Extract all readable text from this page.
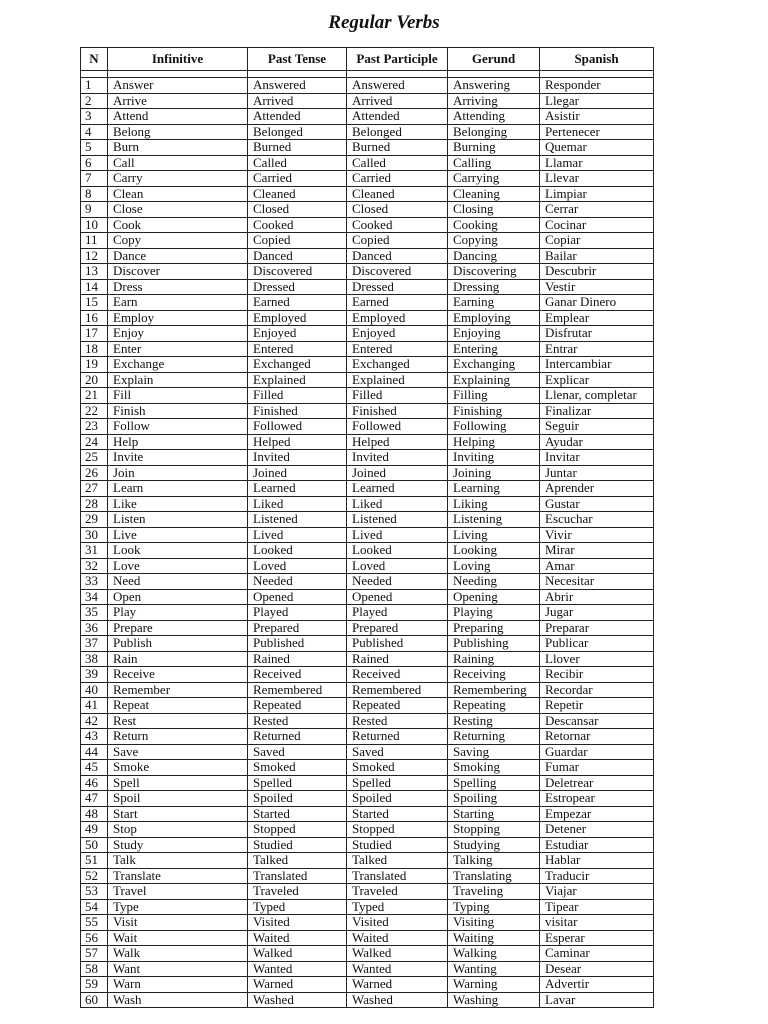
Regular Verbs
N	Infinitive	Past Tense	Past Participle	Gerund	Spanish

1	Answer	Answered	Answered	Answering	Responder
2	Arrive	Arrived	Arrived	Arriving	Llegar
3	Attend	Attended	Attended	Attending	Asistir
4	Belong	Belonged	Belonged	Belonging	Pertenecer
5	Burn	Burned	Burned	Burning	Quemar
6	Call	Called	Called	Calling	Llamar
7	Carry	Carried	Carried	Carrying	Llevar
8	Clean	Cleaned	Cleaned	Cleaning	Limpiar
9	Close	Closed	Closed	Closing	Cerrar
10	Cook	Cooked	Cooked	Cooking	Cocinar
11	Copy	Copied	Copied	Copying	Copiar
12	Dance	Danced	Danced	Dancing	Bailar
13	Discover	Discovered	Discovered	Discovering	Descubrir
14	Dress	Dressed	Dressed	Dressing	Vestir
15	Earn	Earned	Earned	Earning	Ganar Dinero
16	Employ	Employed	Employed	Employing	Emplear
17	Enjoy	Enjoyed	Enjoyed	Enjoying	Disfrutar
18	Enter	Entered	Entered	Entering	Entrar
19	Exchange	Exchanged	Exchanged	Exchanging	Intercambiar
20	Explain	Explained	Explained	Explaining	Explicar
21	Fill	Filled	Filled	Filling	Llenar, completar
22	Finish	Finished	Finished	Finishing	Finalizar
23	Follow	Followed	Followed	Following	Seguir
24	Help	Helped	Helped	Helping	Ayudar
25	Invite	Invited	Invited	Inviting	Invitar
26	Join	Joined	Joined	Joining	Juntar
27	Learn	Learned	Learned	Learning	Aprender
28	Like	Liked	Liked	Liking	Gustar
29	Listen	Listened	Listened	Listening	Escuchar
30	Live	Lived	Lived	Living	Vivir
31	Look	Looked	Looked	Looking	Mirar
32	Love	Loved	Loved	Loving	Amar
33	Need	Needed	Needed	Needing	Necesitar
34	Open	Opened	Opened	Opening	Abrir
35	Play	Played	Played	Playing	Jugar
36	Prepare	Prepared	Prepared	Preparing	Preparar
37	Publish	Published	Published	Publishing	Publicar
38	Rain	Rained	Rained	Raining	Llover
39	Receive	Received	Received	Receiving	Recibir
40	Remember	Remembered	Remembered	Remembering	Recordar
41	Repeat	Repeated	Repeated	Repeating	Repetir
42	Rest	Rested	Rested	Resting	Descansar
43	Return	Returned	Returned	Returning	Retornar
44	Save	Saved	Saved	Saving	Guardar
45	Smoke	Smoked	Smoked	Smoking	Fumar
46	Spell	Spelled	Spelled	Spelling	Deletrear
47	Spoil	Spoiled	Spoiled	Spoiling	Estropear
48	Start	Started	Started	Starting	Empezar
49	Stop	Stopped	Stopped	Stopping	Detener
50	Study	Studied	Studied	Studying	Estudiar
51	Talk	Talked	Talked	Talking	Hablar
52	Translate	Translated	Translated	Translating	Traducir
53	Travel	Traveled	Traveled	Traveling	Viajar
54	Type	Typed	Typed	Typing	Tipear
55	Visit	Visited	Visited	Visiting	visitar
56	Wait	Waited	Waited	Waiting	Esperar
57	Walk	Walked	Walked	Walking	Caminar
58	Want	Wanted	Wanted	Wanting	Desear
59	Warn	Warned	Warned	Warning	Advertir
60	Wash	Washed	Washed	Washing	Lavar
